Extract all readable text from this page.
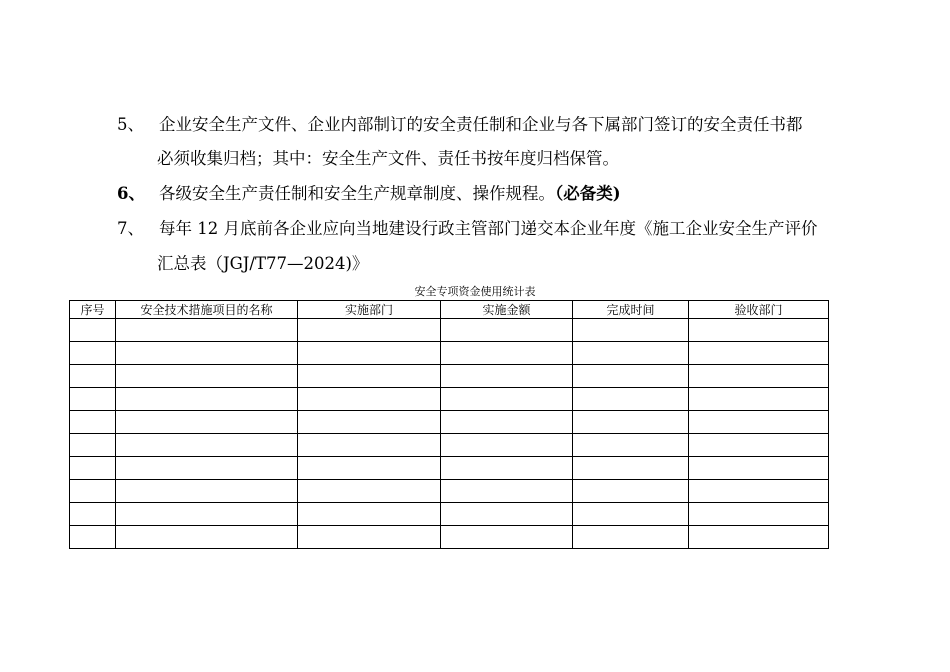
5、 企业安全生产文件、企业内部制订的安全责任制和企业与各下属部门签订的安全责任书都
必须收集归档；其中：安全生产文件、责任书按年度归档保管。
6、 各级安全生产责任制和安全生产规章制度、操作规程。（必备类)
7、 每年 12 月底前各企业应向当地建设行政主管部门递交本企业年度《施工企业安全生产评价
汇总表（JGJ/T77—2024)》
安全专项资金使用统计表
序号	安全技术措施项目的名称	实施部门	实施金额	完成时间	验收部门
